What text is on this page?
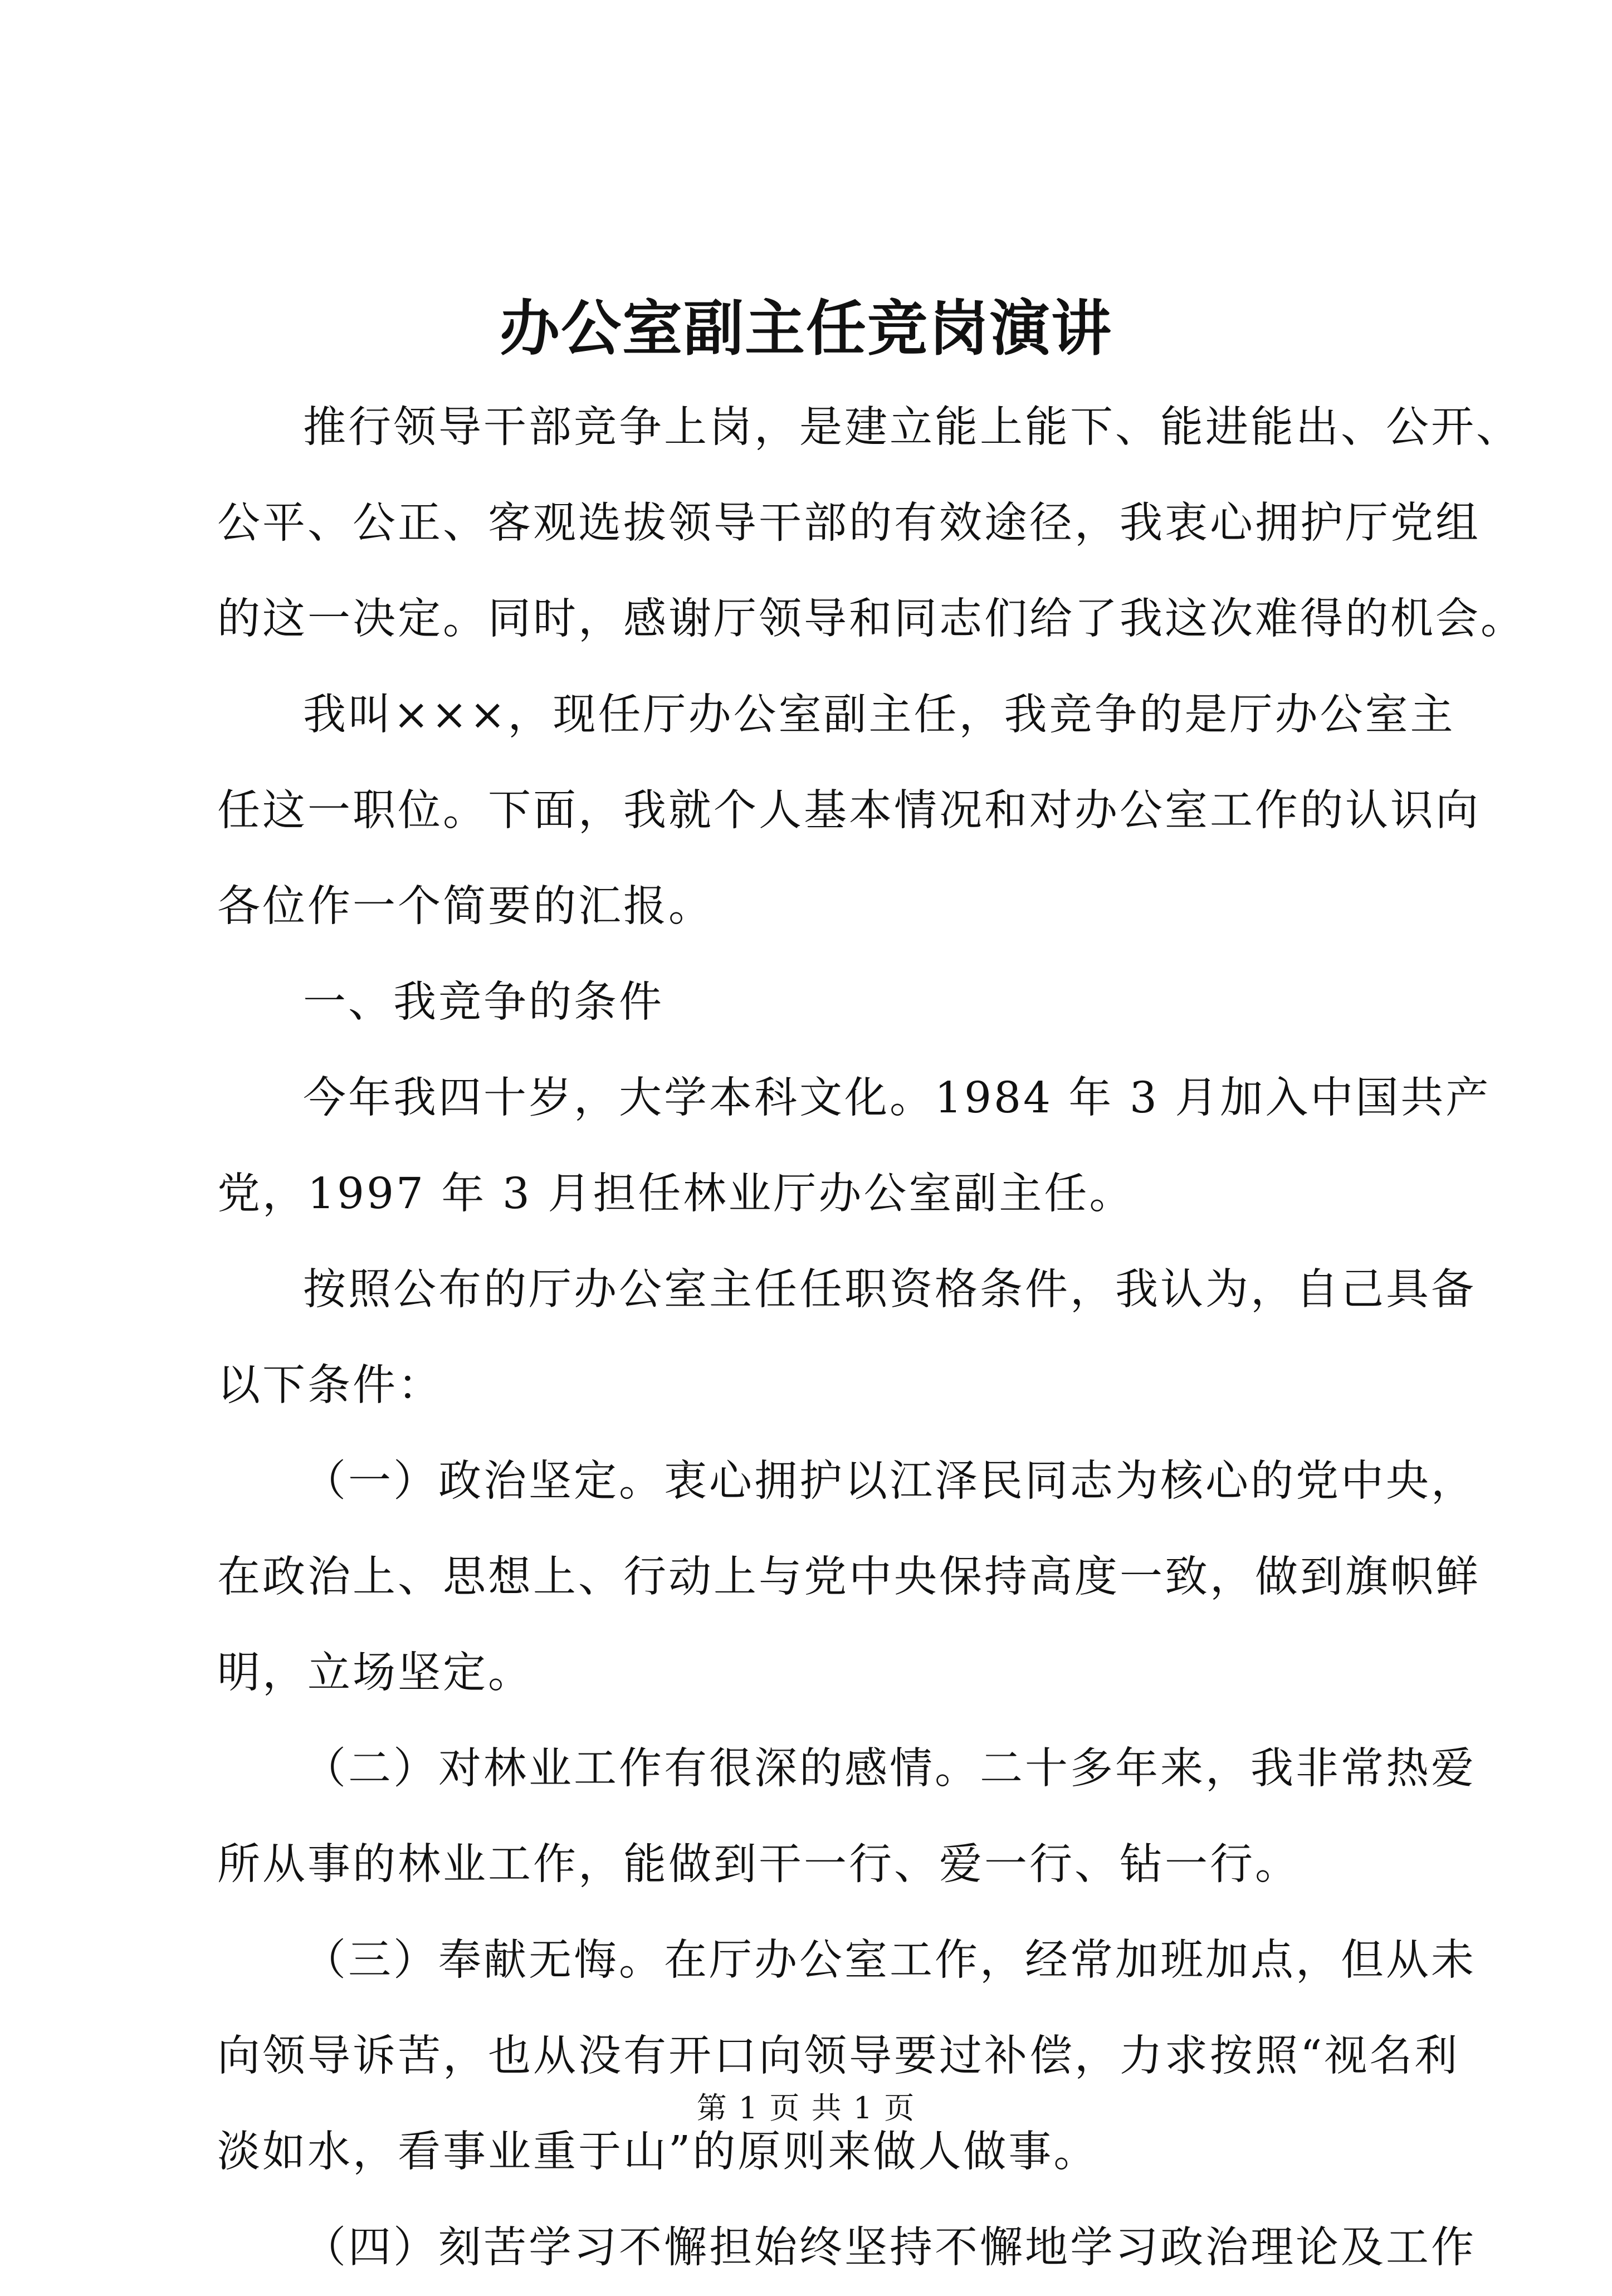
办公室副主任竞岗演讲
推行领导干部竞争上岗，是建立能上能下、能进能出、公开、
公平、公正、客观选拔领导干部的有效途径，我衷心拥护厅党组
的这一决定。同时，感谢厅领导和同志们给了我这次难得的机会。
我叫×××，现任厅办公室副主任，我竞争的是厅办公室主
任这一职位。下面，我就个人基本情况和对办公室工作的认识向
各位作一个简要的汇报。
一、我竞争的条件
今年我四十岁，大学本科文化。1984 年 3 月加入中国共产
党，1997 年 3 月担任林业厅办公室副主任。
按照公布的厅办公室主任任职资格条件，我认为，自己具备
以下条件：
（一）政治坚定。衷心拥护以江泽民同志为核心的党中央，
在政治上、思想上、行动上与党中央保持高度一致，做到旗帜鲜
明，立场坚定。
（二）对林业工作有很深的感情。二十多年来，我非常热爱
所从事的林业工作，能做到干一行、爱一行、钻一行。
（三）奉献无悔。在厅办公室工作，经常加班加点，但从未
向领导诉苦，也从没有开口向领导要过补偿，力求按照“视名利
淡如水，看事业重于山”的原则来做人做事。
（四）刻苦学习不懈担始终坚持不懈地学习政治理论及工作
第 1 页 共 1 页
